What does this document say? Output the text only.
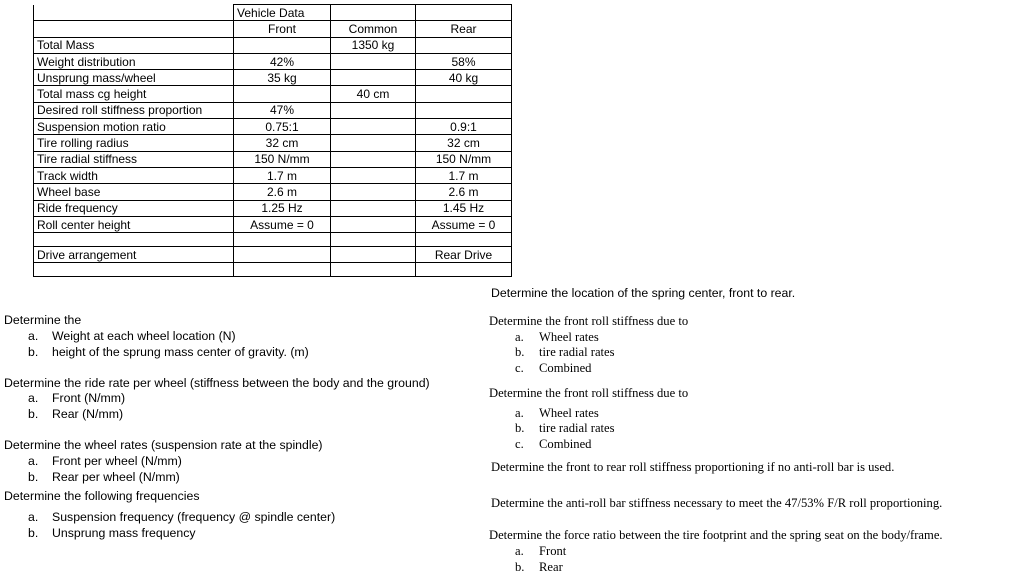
	Vehicle Data		
	Front	Common	Rear
Total Mass		1350 kg	
Weight distribution	42%		58%
Unsprung mass/wheel	35 kg		40 kg
Total mass cg height		40 cm	
Desired roll stiffness proportion	47%		
Suspension motion ratio	0.75:1		0.9:1
Tire rolling radius	32 cm		32 cm
Tire radial stiffness	150 N/mm		150 N/mm
Track width	1.7 m		1.7 m
Wheel base	2.6 m		2.6 m
Ride frequency	1.25 Hz		1.45 Hz
Roll center height	Assume = 0		Assume = 0

Drive arrangement			Rear Drive

Determine the
a. Weight at each wheel location (N)
b. height of the sprung mass center of gravity. (m)
Determine the ride rate per wheel (stiffness between the body and the ground)
a. Front (N/mm)
b. Rear (N/mm)
Determine the wheel rates (suspension rate at the spindle)
a. Front per wheel (N/mm)
b. Rear per wheel (N/mm)
Determine the following frequencies
a. Suspension frequency (frequency @ spindle center)
b. Unsprung mass frequency
Determine the location of the spring center, front to rear.
Determine the front roll stiffness due to
a. Wheel rates
b. tire radial rates
c. Combined
Determine the front roll stiffness due to
a. Wheel rates
b. tire radial rates
c. Combined
Determine the front to rear roll stiffness proportioning if no anti-roll bar is used.
Determine the anti-roll bar stiffness necessary to meet the 47/53% F/R roll proportioning.
Determine the force ratio between the tire footprint and the spring seat on the body/frame.
a. Front
b. Rear
